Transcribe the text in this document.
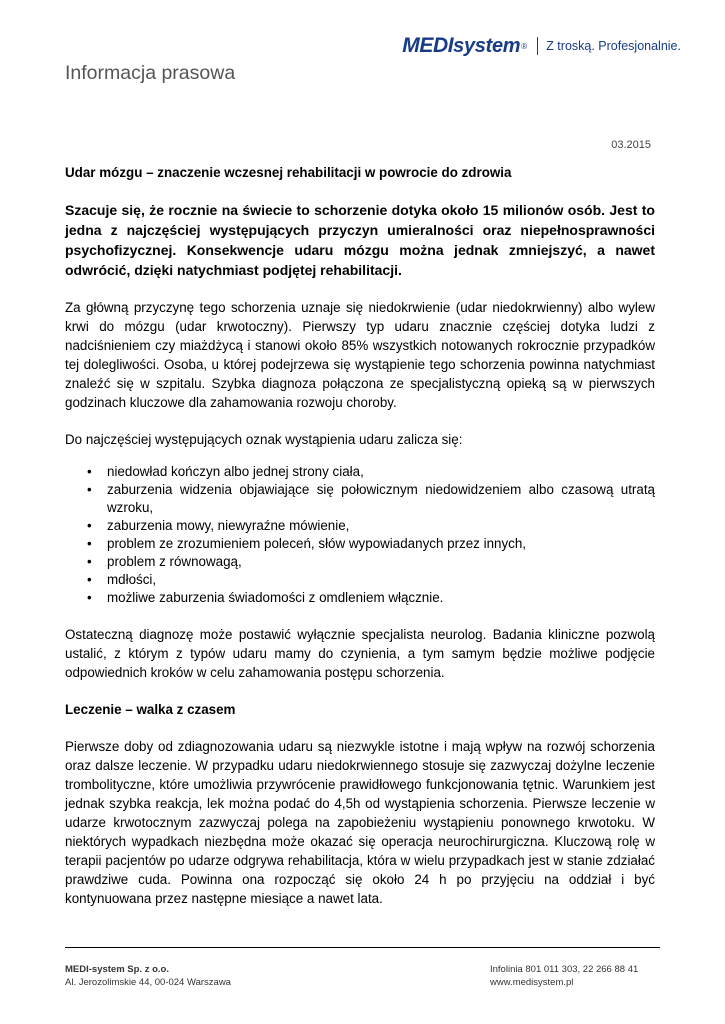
MEDI system ® Z troską. Profesjonalnie.
Informacja prasowa
03.2015

Udar mózgu – znaczenie wczesnej rehabilitacji w powrocie do zdrowia

Szacuje się, że rocznie na świecie to schorzenie dotyka około 15 milionów osób. Jest to jedna z najczęściej występujących przyczyn umieralności oraz niepełnosprawności psychofizycznej. Konsekwencje udaru mózgu można jednak zmniejszyć, a nawet odwrócić, dzięki natychmiast podjętej rehabilitacji.

Za główną przyczynę tego schorzenia uznaje się niedokrwienie (udar niedokrwienny) albo wylew krwi do mózgu (udar krwotoczny). Pierwszy typ udaru znacznie częściej dotyka ludzi z nadciśnieniem czy miażdżycą i stanowi około 85% wszystkich notowanych rokrocznie przypadków tej dolegliwości. Osoba, u której podejrzewa się wystąpienie tego schorzenia powinna natychmiast znaleźć się w szpitalu. Szybka diagnoza połączona ze specjalistyczną opieką są w pierwszych godzinach kluczowe dla zahamowania rozwoju choroby.

Do najczęściej występujących oznak wystąpienia udaru zalicza się:

• niedowład kończyn albo jednej strony ciała,
• zaburzenia widzenia objawiające się połowicznym niedowidzeniem albo czasową utratą wzroku,
• zaburzenia mowy, niewyraźne mówienie,
• problem ze zrozumieniem poleceń, słów wypowiadanych przez innych,
• problem z równowagą,
• mdłości,
• możliwe zaburzenia świadomości z omdleniem włącznie.

Ostateczną diagnozę może postawić wyłącznie specjalista neurolog. Badania kliniczne pozwolą ustalić, z którym z typów udaru mamy do czynienia, a tym samym będzie możliwe podjęcie odpowiednich kroków w celu zahamowania postępu schorzenia.

Leczenie – walka z czasem

Pierwsze doby od zdiagnozowania udaru są niezwykle istotne i mają wpływ na rozwój schorzenia oraz dalsze leczenie. W przypadku udaru niedokrwiennego stosuje się zazwyczaj dożylne leczenie trombolityczne, które umożliwia przywrócenie prawidłowego funkcjonowania tętnic. Warunkiem jest jednak szybka reakcja, lek można podać do 4,5h od wystąpienia schorzenia. Pierwsze leczenie w udarze krwotocznym zazwyczaj polega na zapobieżeniu wystąpieniu ponownego krwotoku. W niektórych wypadkach niezbędna może okazać się operacja neurochirurgiczna. Kluczową rolę w terapii pacjentów po udarze odgrywa rehabilitacja, która w wielu przypadkach jest w stanie zdziałać prawdziwe cuda. Powinna ona rozpocząć się około 24 h po przyjęciu na oddział i być kontynuowana przez następne miesiące a nawet lata.

MEDI-system Sp. z o.o.
Al. Jerozolimskie 44, 00-024 Warszawa
Infolinia 801 011 303, 22 266 88 41
www.medisystem.pl
